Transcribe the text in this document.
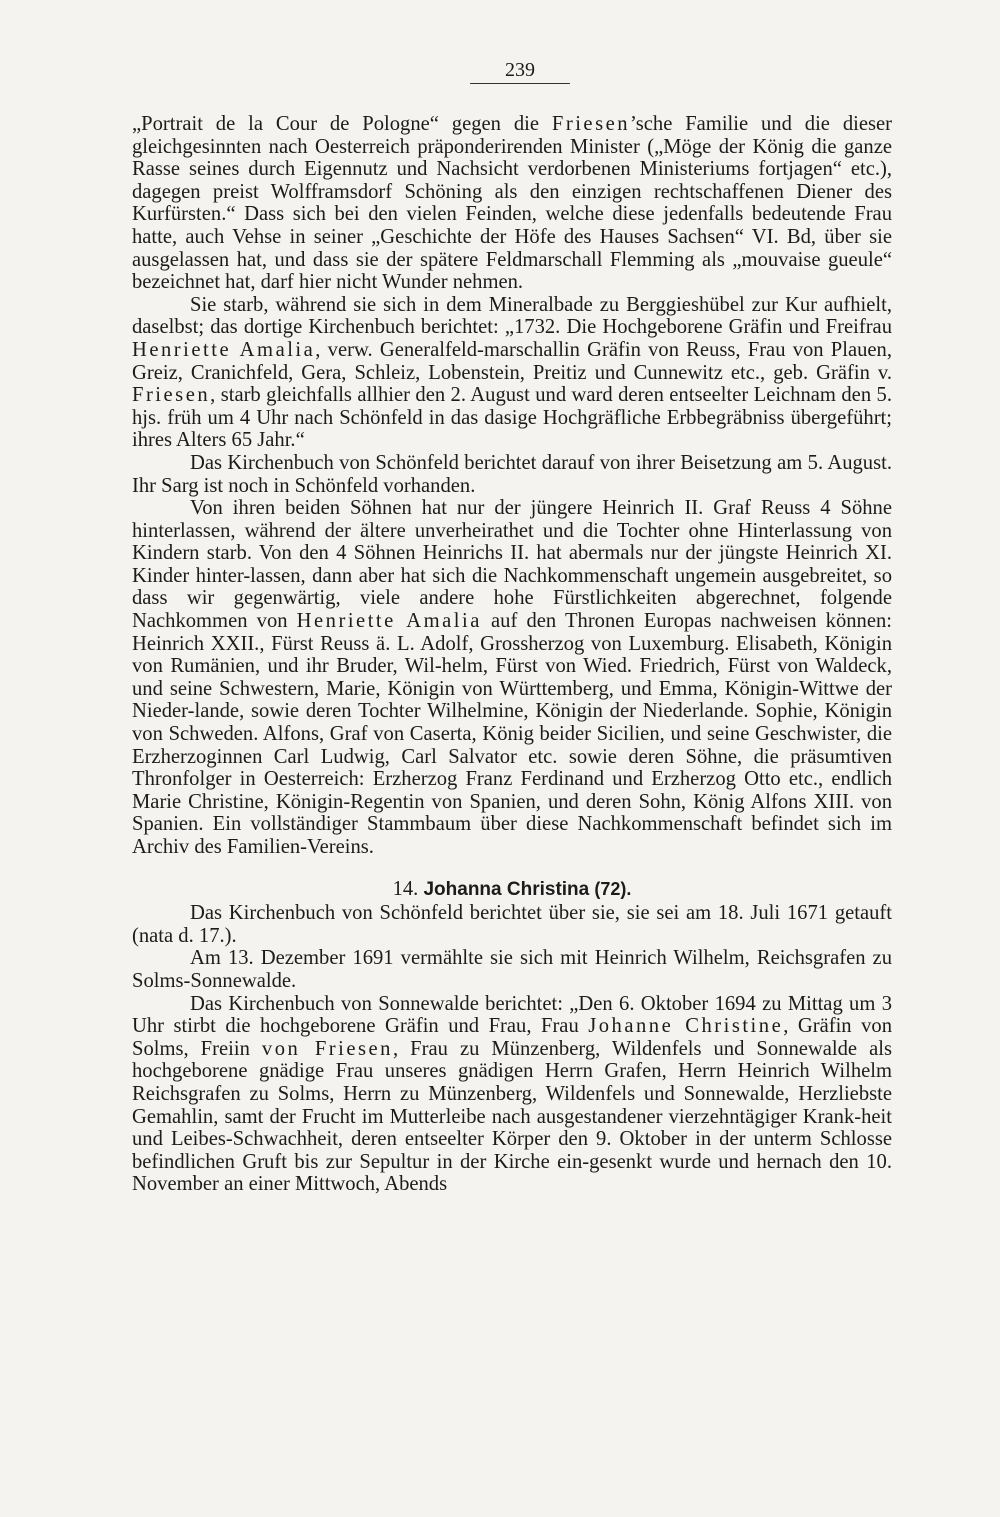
239

„Portrait de la Cour de Pologne“ gegen die Friesen’sche Familie und die dieser gleichgesinnten nach Oesterreich präponderirenden Minister („Möge der König die ganze Rasse seines durch Eigennutz und Nachsicht verdorbenen Ministeriums fortjagen“ etc.), dagegen preist Wolfframsdorf Schöning als den einzigen rechtschaffenen Diener des Kurfürsten.“ Dass sich bei den vielen Feinden, welche diese jedenfalls bedeutende Frau hatte, auch Vehse in seiner „Geschichte der Höfe des Hauses Sachsen“ VI. Bd, über sie ausgelassen hat, und dass sie der spätere Feldmarschall Flemming als „mouvaise gueule“ bezeichnet hat, darf hier nicht Wunder nehmen.

Sie starb, während sie sich in dem Mineralbade zu Berggieshübel zur Kur aufhielt, daselbst; das dortige Kirchenbuch berichtet: „1732. Die Hochgeborene Gräfin und Freifrau Henriette Amalia, verw. Generalfeld-marschallin Gräfin von Reuss, Frau von Plauen, Greiz, Cranichfeld, Gera, Schleiz, Lobenstein, Preitiz und Cunnewitz etc., geb. Gräfin v. Friesen, starb gleichfalls allhier den 2. August und ward deren entseelter Leichnam den 5. hjs. früh um 4 Uhr nach Schönfeld in das dasige Hochgräfliche Erbbegräbniss übergeführt; ihres Alters 65 Jahr.“

Das Kirchenbuch von Schönfeld berichtet darauf von ihrer Beisetzung am 5. August. Ihr Sarg ist noch in Schönfeld vorhanden.

Von ihren beiden Söhnen hat nur der jüngere Heinrich II. Graf Reuss 4 Söhne hinterlassen, während der ältere unverheirathet und die Tochter ohne Hinterlassung von Kindern starb. Von den 4 Söhnen Heinrichs II. hat abermals nur der jüngste Heinrich XI. Kinder hinter-lassen, dann aber hat sich die Nachkommenschaft ungemein ausgebreitet, so dass wir gegenwärtig, viele andere hohe Fürstlichkeiten abgerechnet, folgende Nachkommen von Henriette Amalia auf den Thronen Europas nachweisen können: Heinrich XXII., Fürst Reuss ä. L. Adolf, Grossherzog von Luxemburg. Elisabeth, Königin von Rumänien, und ihr Bruder, Wil-helm, Fürst von Wied. Friedrich, Fürst von Waldeck, und seine Schwestern, Marie, Königin von Württemberg, und Emma, Königin-Wittwe der Nieder-lande, sowie deren Tochter Wilhelmine, Königin der Niederlande. Sophie, Königin von Schweden. Alfons, Graf von Caserta, König beider Sicilien, und seine Geschwister, die Erzherzoginnen Carl Ludwig, Carl Salvator etc. sowie deren Söhne, die präsumtiven Thronfolger in Oesterreich: Erzherzog Franz Ferdinand und Erzherzog Otto etc., endlich Marie Christine, Königin-Regentin von Spanien, und deren Sohn, König Alfons XIII. von Spanien. Ein vollständiger Stammbaum über diese Nachkommenschaft befindet sich im Archiv des Familien-Vereins.

14. Johanna Christina (72).

Das Kirchenbuch von Schönfeld berichtet über sie, sie sei am 18. Juli 1671 getauft (nata d. 17.).

Am 13. Dezember 1691 vermählte sie sich mit Heinrich Wilhelm, Reichsgrafen zu Solms-Sonnewalde.

Das Kirchenbuch von Sonnewalde berichtet: „Den 6. Oktober 1694 zu Mittag um 3 Uhr stirbt die hochgeborene Gräfin und Frau, Frau Johanne Christine, Gräfin von Solms, Freiin von Friesen, Frau zu Münzenberg, Wildenfels und Sonnewalde als hochgeborene gnädige Frau unseres gnädigen Herrn Grafen, Herrn Heinrich Wilhelm Reichsgrafen zu Solms, Herrn zu Münzenberg, Wildenfels und Sonnewalde, Herzliebste Gemahlin, samt der Frucht im Mutterleibe nach ausgestandener vierzehntägiger Krank-heit und Leibes-Schwachheit, deren entseelter Körper den 9. Oktober in der unterm Schlosse befindlichen Gruft bis zur Sepultur in der Kirche ein-gesenkt wurde und hernach den 10. November an einer Mittwoch, Abends
